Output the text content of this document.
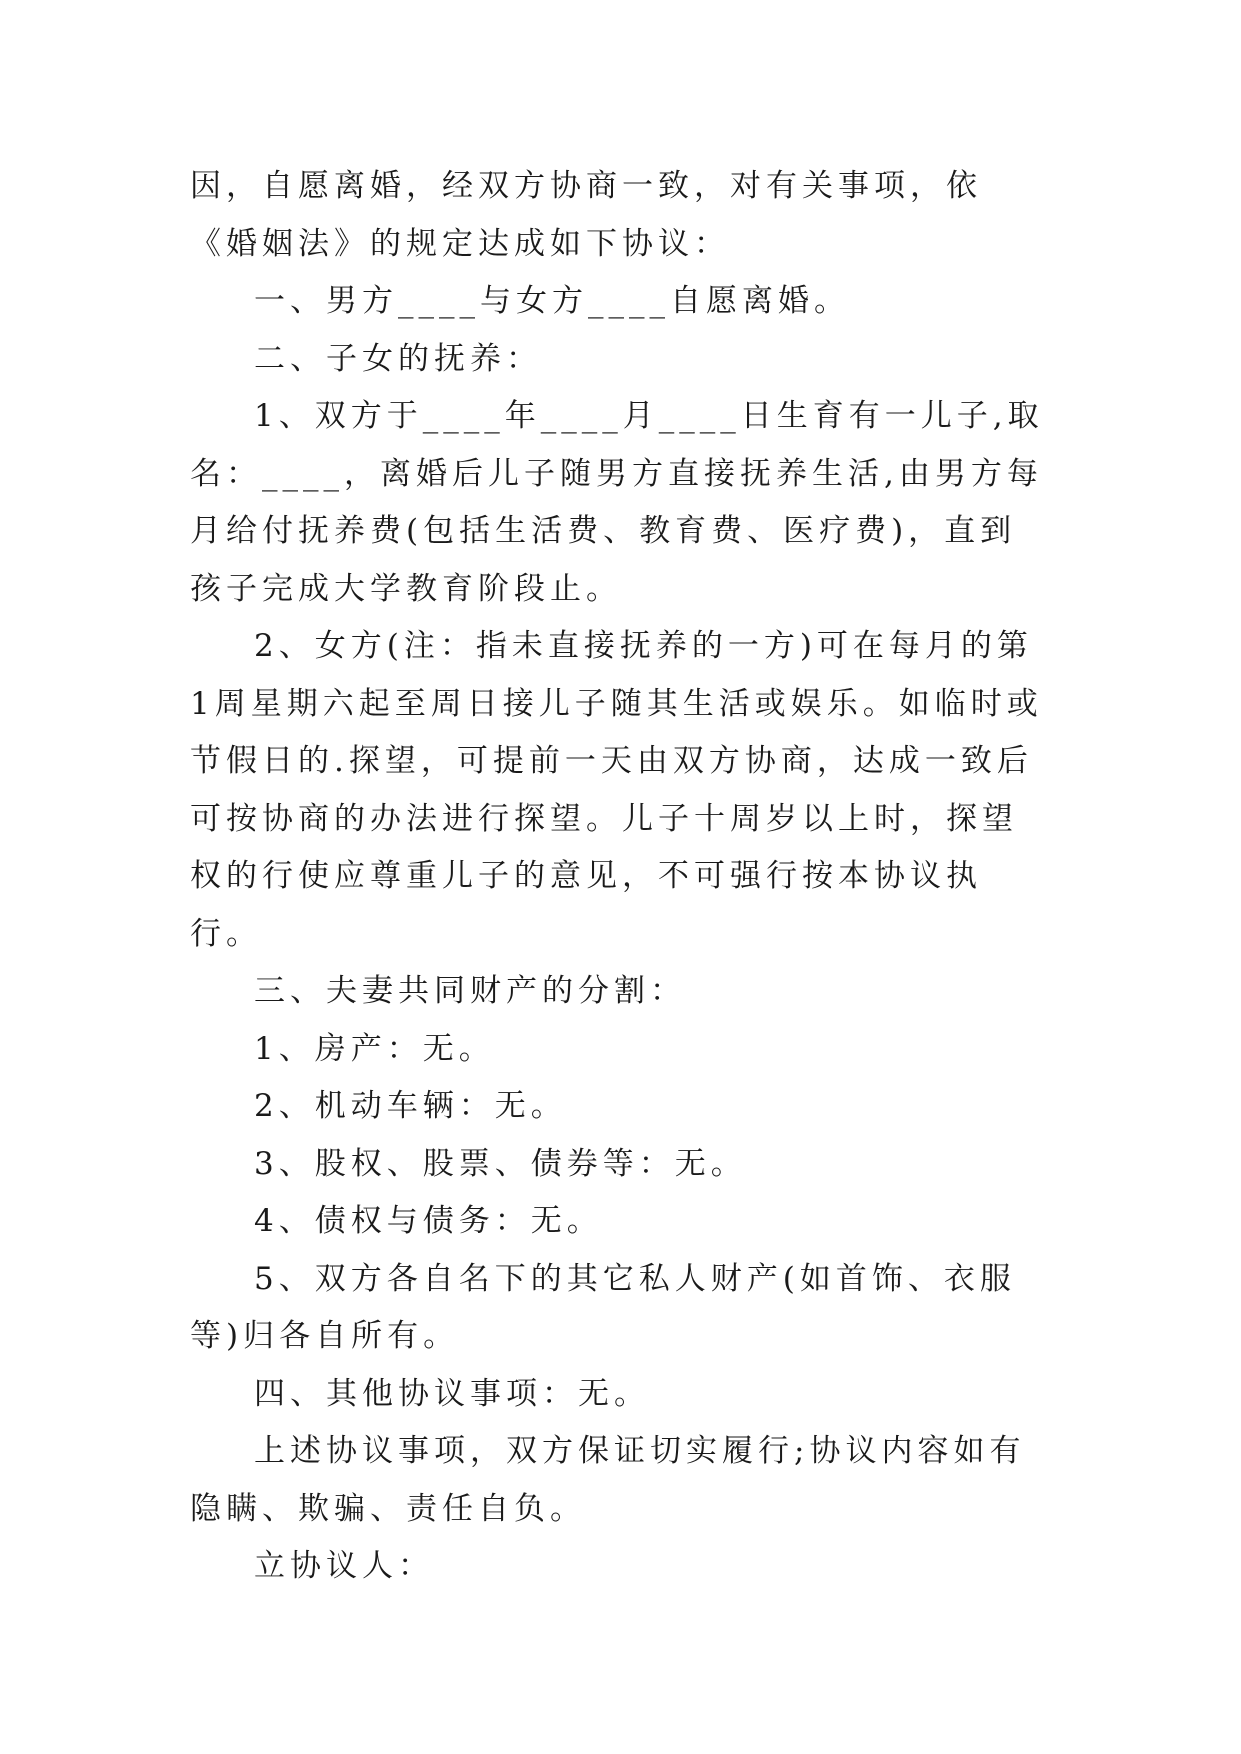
因，自愿离婚，经双方协商一致，对有关事项，依《婚姻法》的规定达成如下协议：

一、男方____与女方____自愿离婚。

二、子女的抚养：

1、双方于____年____月____日生育有一儿子,取名：____，离婚后儿子随男方直接抚养生活,由男方每月给付抚养费(包括生活费、教育费、医疗费)，直到孩子完成大学教育阶段止。

2、女方(注：指未直接抚养的一方)可在每月的第1周星期六起至周日接儿子随其生活或娱乐。如临时或节假日的.探望，可提前一天由双方协商，达成一致后可按协商的办法进行探望。儿子十周岁以上时，探望权的行使应尊重儿子的意见，不可强行按本协议执行。

三、夫妻共同财产的分割：

1、房产：无。

2、机动车辆：无。

3、股权、股票、债券等：无。

4、债权与债务：无。

5、双方各自名下的其它私人财产(如首饰、衣服等)归各自所有。

四、其他协议事项：无。

上述协议事项，双方保证切实履行;协议内容如有隐瞒、欺骗、责任自负。

立协议人：
